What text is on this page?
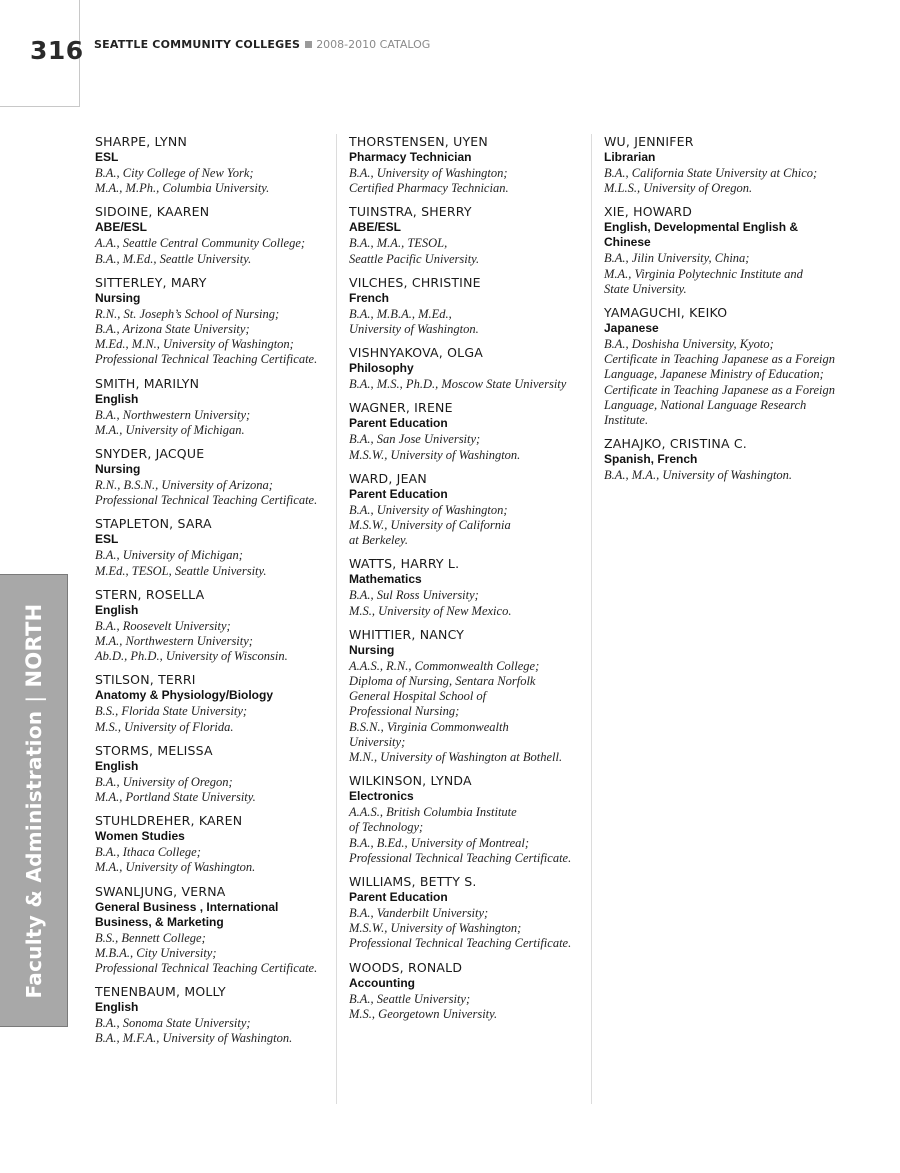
316 SEATTLE COMMUNITY COLLEGES 2008-2010 CATALOG
Faculty & Administration|NORTH
SHARPE, LYNN
ESL
B.A., City College of New York;
M.A., M.Ph., Columbia University.
SIDOINE, KAAREN
ABE/ESL
A.A., Seattle Central Community College;
B.A., M.Ed., Seattle University.
SITTERLEY, MARY
Nursing
R.N., St. Joseph’s School of Nursing;
B.A., Arizona State University;
M.Ed., M.N., University of Washington;
Professional Technical Teaching Certificate.
SMITH, MARILYN
English
B.A., Northwestern University;
M.A., University of Michigan.
SNYDER, JACQUE
Nursing
R.N., B.S.N., University of Arizona;
Professional Technical Teaching Certificate.
STAPLETON, SARA
ESL
B.A., University of Michigan;
M.Ed., TESOL, Seattle University.
STERN, ROSELLA
English
B.A., Roosevelt University;
M.A., Northwestern University;
Ab.D., Ph.D., University of Wisconsin.
STILSON, TERRI
Anatomy & Physiology/Biology
B.S., Florida State University;
M.S., University of Florida.
STORMS, MELISSA
English
B.A., University of Oregon;
M.A., Portland State University.
STUHLDREHER, KAREN
Women Studies
B.A., Ithaca College;
M.A., University of Washington.
SWANLJUNG, VERNA
General Business , International
Business, & Marketing
B.S., Bennett College;
M.B.A., City University;
Professional Technical Teaching Certificate.
TENENBAUM, MOLLY
English
B.A., Sonoma State University;
B.A., M.F.A., University of Washington.
THORSTENSEN, UYEN
Pharmacy Technician
B.A., University of Washington;
Certified Pharmacy Technician.
TUINSTRA, SHERRY
ABE/ESL
B.A., M.A., TESOL,
Seattle Pacific University.
VILCHES, CHRISTINE
French
B.A., M.B.A., M.Ed.,
University of Washington.
VISHNYAKOVA, OLGA
Philosophy
B.A., M.S., Ph.D., Moscow State University
WAGNER, IRENE
Parent Education
B.A., San Jose University;
M.S.W., University of Washington.
WARD, JEAN
Parent Education
B.A., University of Washington;
M.S.W., University of California
at Berkeley.
WATTS, HARRY L.
Mathematics
B.A., Sul Ross University;
M.S., University of New Mexico.
WHITTIER, NANCY
Nursing
A.A.S., R.N., Commonwealth College;
Diploma of Nursing, Sentara Norfolk
General Hospital School of
Professional Nursing;
B.S.N., Virginia Commonwealth
University;
M.N., University of Washington at Bothell.
WILKINSON, LYNDA
Electronics
A.A.S., British Columbia Institute
of Technology;
B.A., B.Ed., University of Montreal;
Professional Technical Teaching Certificate.
WILLIAMS, BETTY S.
Parent Education
B.A., Vanderbilt University;
M.S.W., University of Washington;
Professional Technical Teaching Certificate.
WOODS, RONALD
Accounting
B.A., Seattle University;
M.S., Georgetown University.
WU, JENNIFER
Librarian
B.A., California State University at Chico;
M.L.S., University of Oregon.
XIE, HOWARD
English, Developmental English & Chinese
B.A., Jilin University, China;
M.A., Virginia Polytechnic Institute and
State University.
YAMAGUCHI, KEIKO
Japanese
B.A., Doshisha University, Kyoto;
Certificate in Teaching Japanese as a Foreign
Language, Japanese Ministry of Education;
Certificate in Teaching Japanese as a Foreign
Language, National Language Research
Institute.
ZAHAJKO, CRISTINA C.
Spanish, French
B.A., M.A., University of Washington.
